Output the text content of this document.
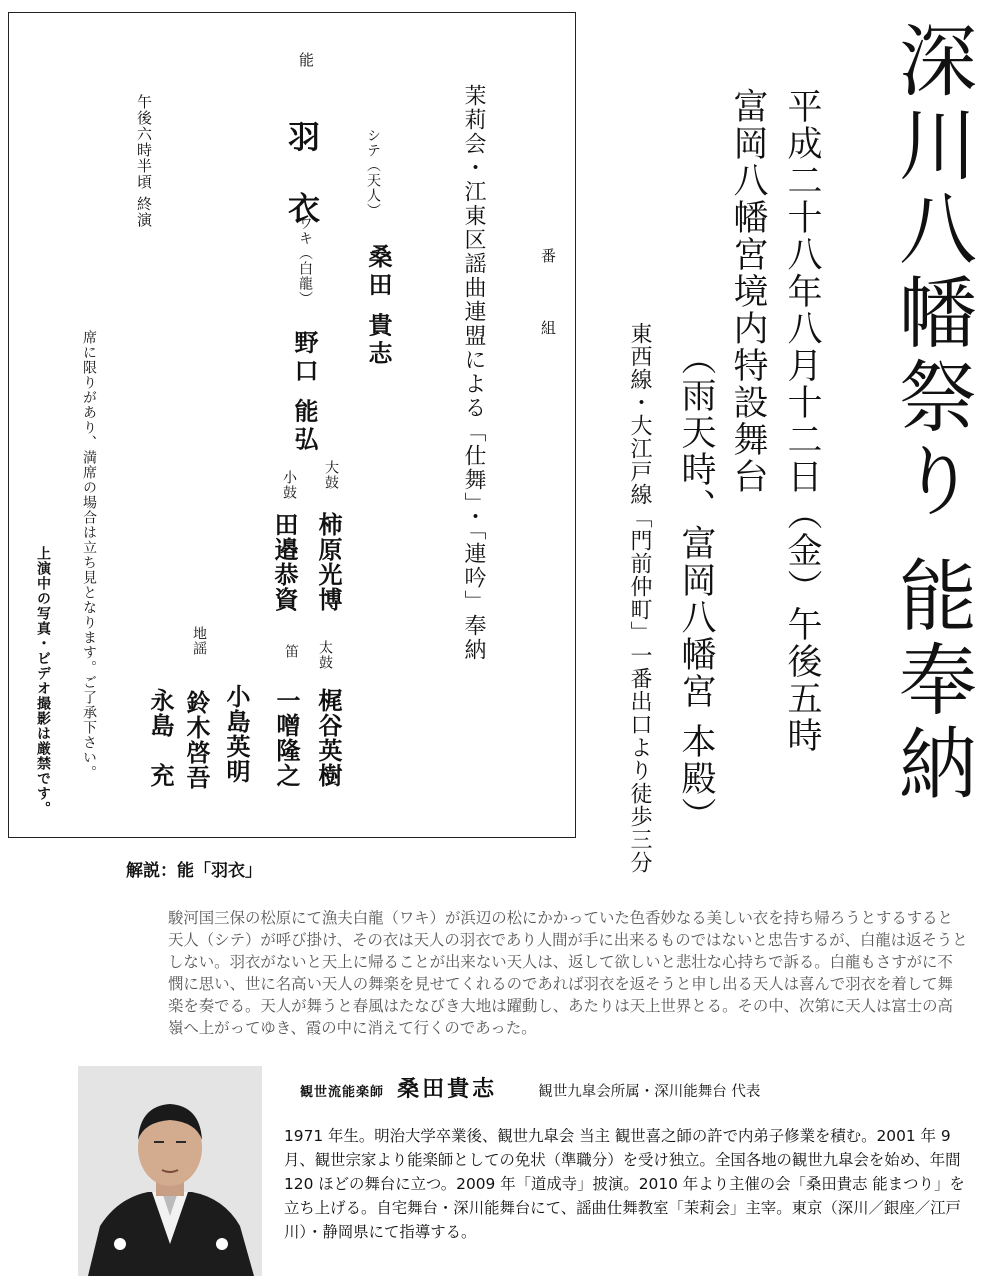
深川八幡祭り 能奉納
平成二十八年八月十二日（金）午後五時
富岡八幡宮境内特設舞台
（雨天時、富岡八幡宮 本殿）
東西線・大江戸線「門前仲町」一番出口より徒歩三分
番 組
茉莉会・江東区謡曲連盟による「仕舞」・「連吟」奉納
能
羽 衣	シテ（天人）
桑田 貴志
ワキ（白龍）
野口 能弘
大鼓
柿原光博
小鼓
田邉恭資
太鼓
梶谷英樹
笛
一噌隆之
地謡
小島英明
鈴木啓吾
永島　充
午後六時半頃 終演
席に限りがあり、満席の場合は立ち見となります。ご了承下さい。
上演中の写真・ビデオ撮影は厳禁です。
解説：能「羽衣」
駿河国三保の松原にて漁夫白龍（ワキ）が浜辺の松にかかっていた色香妙なる美しい衣を持ち帰ろうとするすると天人（シテ）が呼び掛け、その衣は天人の羽衣であり人間が手に出来るものではないと忠告するが、白龍は返そうとしない。羽衣がないと天上に帰ることが出来ない天人は、返して欲しいと悲壮な心持ちで訴る。白龍もさすがに不憫に思い、世に名高い天人の舞楽を見せてくれるのであれば羽衣を返そうと申し出る天人は喜んで羽衣を着して舞楽を奏でる。天人が舞うと春風はたなびき大地は躍動し、あたりは天上世界とる。その中、次第に天人は富士の高嶺へ上がってゆき、霞の中に消えて行くのであった。
観世流能楽師 桑田貴志	観世九皐会所属・深川能舞台 代表
1971 年生。明治大学卒業後、観世九皐会 当主 観世喜之師の許で内弟子修業を積む。2001 年 9 月、観世宗家より能楽師としての免状（準職分）を受け独立。全国各地の観世九皐会を始め、年間 120 ほどの舞台に立つ。2009 年「道成寺」披演。2010 年より主催の会「桑田貴志 能まつり」を立ち上げる。自宅舞台・深川能舞台にて、謡曲仕舞教室「茉莉会」主宰。東京（深川／銀座／江戸川）・静岡県にて指導する。
